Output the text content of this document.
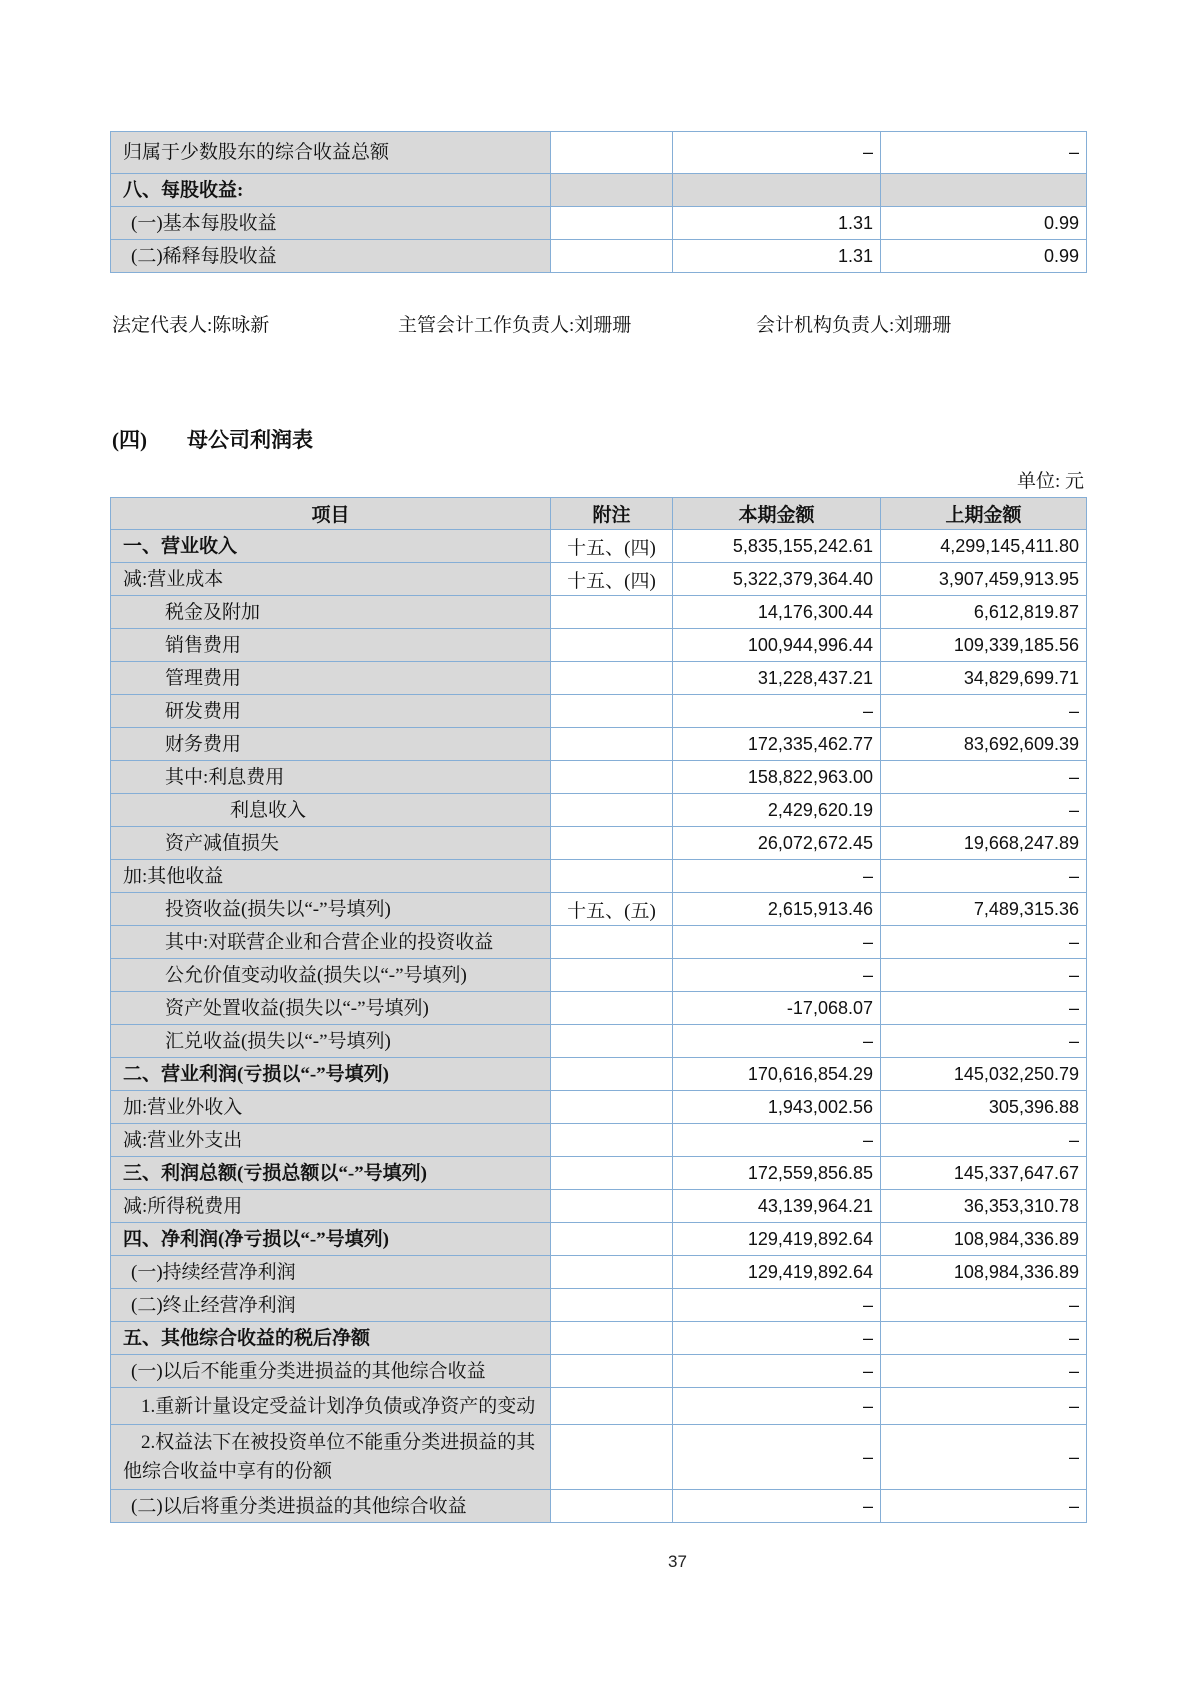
归属于少数股东的综合收益总额		–	–
八、每股收益:			
(一)基本每股收益		1.31	0.99
(二)稀释每股收益		1.31	0.99
法定代表人:陈咏新	主管会计工作负责人:刘珊珊	会计机构负责人:刘珊珊
(四) 母公司利润表
单位: 元
项目	附注	本期金额	上期金额
一、营业收入	十五、(四)	5,835,155,242.61	4,299,145,411.80
减:营业成本	十五、(四)	5,322,379,364.40	3,907,459,913.95
税金及附加		14,176,300.44	6,612,819.87
销售费用		100,944,996.44	109,339,185.56
管理费用		31,228,437.21	34,829,699.71
研发费用		–	–
财务费用		172,335,462.77	83,692,609.39
其中:利息费用		158,822,963.00	–
利息收入		2,429,620.19	–
资产减值损失		26,072,672.45	19,668,247.89
加:其他收益		–	–
投资收益(损失以“-”号填列)	十五、(五)	2,615,913.46	7,489,315.36
其中:对联营企业和合营企业的投资收益		–	–
公允价值变动收益(损失以“-”号填列)		–	–
资产处置收益(损失以“-”号填列)		-17,068.07	–
汇兑收益(损失以“-”号填列)		–	–
二、营业利润(亏损以“-”号填列)		170,616,854.29	145,032,250.79
加:营业外收入		1,943,002.56	305,396.88
减:营业外支出		–	–
三、利润总额(亏损总额以“-”号填列)		172,559,856.85	145,337,647.67
减:所得税费用		43,139,964.21	36,353,310.78
四、净利润(净亏损以“-”号填列)		129,419,892.64	108,984,336.89
(一)持续经营净利润		129,419,892.64	108,984,336.89
(二)终止经营净利润		–	–
五、其他综合收益的税后净额		–	–
(一)以后不能重分类进损益的其他综合收益		–	–
1.重新计量设定受益计划净负债或净资产的变动		–	–
2.权益法下在被投资单位不能重分类进损益的其他综合收益中享有的份额		–	–
(二)以后将重分类进损益的其他综合收益		–	–
37
